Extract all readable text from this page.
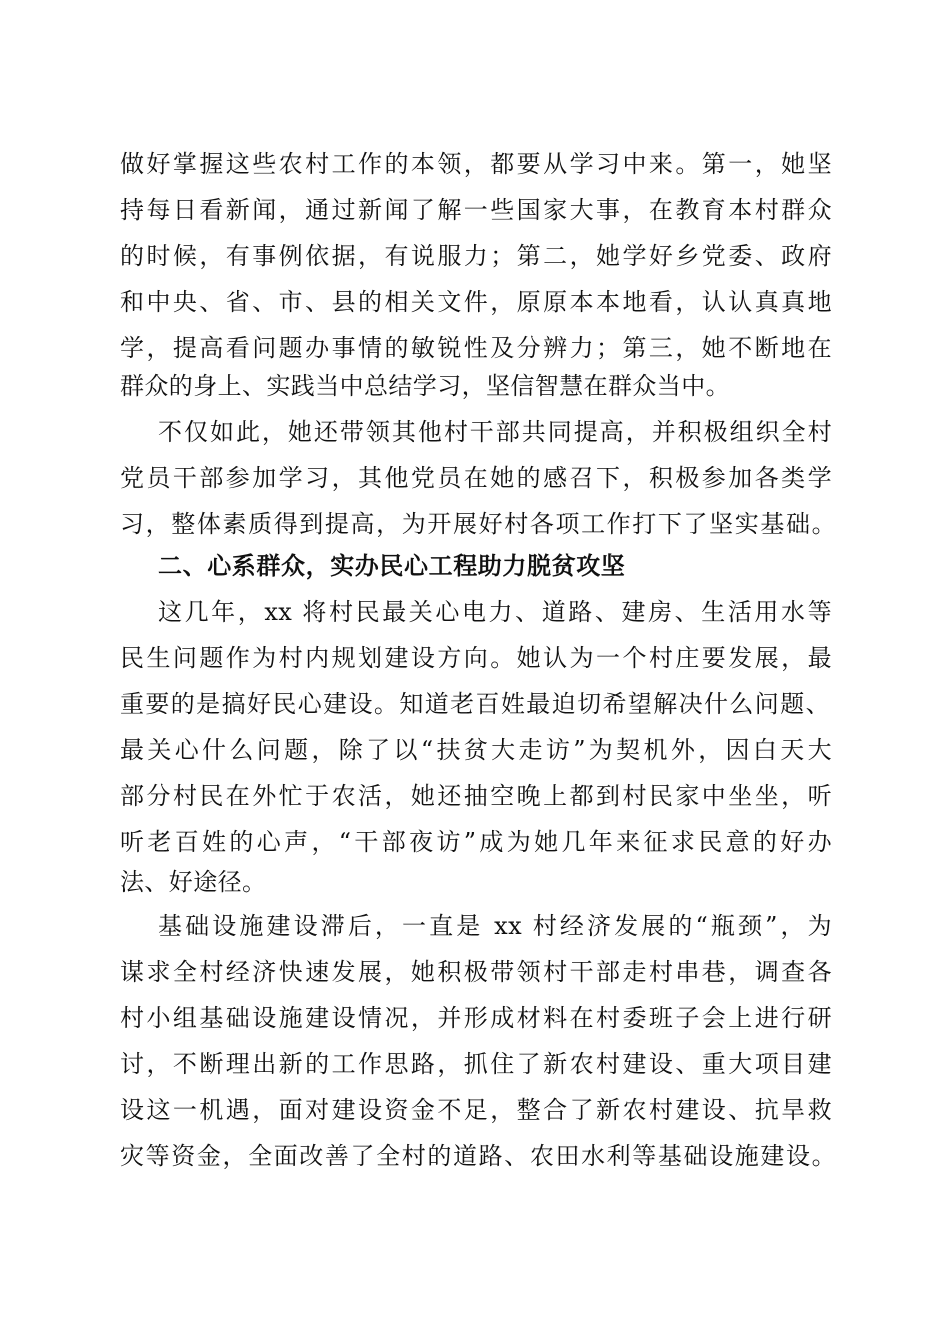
做好掌握这些农村工作的本领，都要从学习中来。第一，她坚
持每日看新闻，通过新闻了解一些国家大事，在教育本村群众
的时候，有事例依据，有说服力；第二，她学好乡党委、政府
和中央、省、市、县的相关文件，原原本本地看，认认真真地
学，提高看问题办事情的敏锐性及分辨力；第三，她不断地在
群众的身上、实践当中总结学习，坚信智慧在群众当中。
不仅如此，她还带领其他村干部共同提高，并积极组织全村
党员干部参加学习，其他党员在她的感召下，积极参加各类学
习，整体素质得到提高，为开展好村各项工作打下了坚实基础。
二、心系群众，实办民心工程助力脱贫攻坚
这几年，xx 将村民最关心电力、道路、建房、生活用水等
民生问题作为村内规划建设方向。她认为一个村庄要发展，最
重要的是搞好民心建设。知道老百姓最迫切希望解决什么问题、
最关心什么问题，除了以“扶贫大走访”为契机外，因白天大
部分村民在外忙于农活，她还抽空晚上都到村民家中坐坐，听
听老百姓的心声，“干部夜访”成为她几年来征求民意的好办
法、好途径。
基础设施建设滞后，一直是 xx 村经济发展的“瓶颈”，为
谋求全村经济快速发展，她积极带领村干部走村串巷，调查各
村小组基础设施建设情况，并形成材料在村委班子会上进行研
讨，不断理出新的工作思路，抓住了新农村建设、重大项目建
设这一机遇，面对建设资金不足，整合了新农村建设、抗旱救
灾等资金，全面改善了全村的道路、农田水利等基础设施建设。
